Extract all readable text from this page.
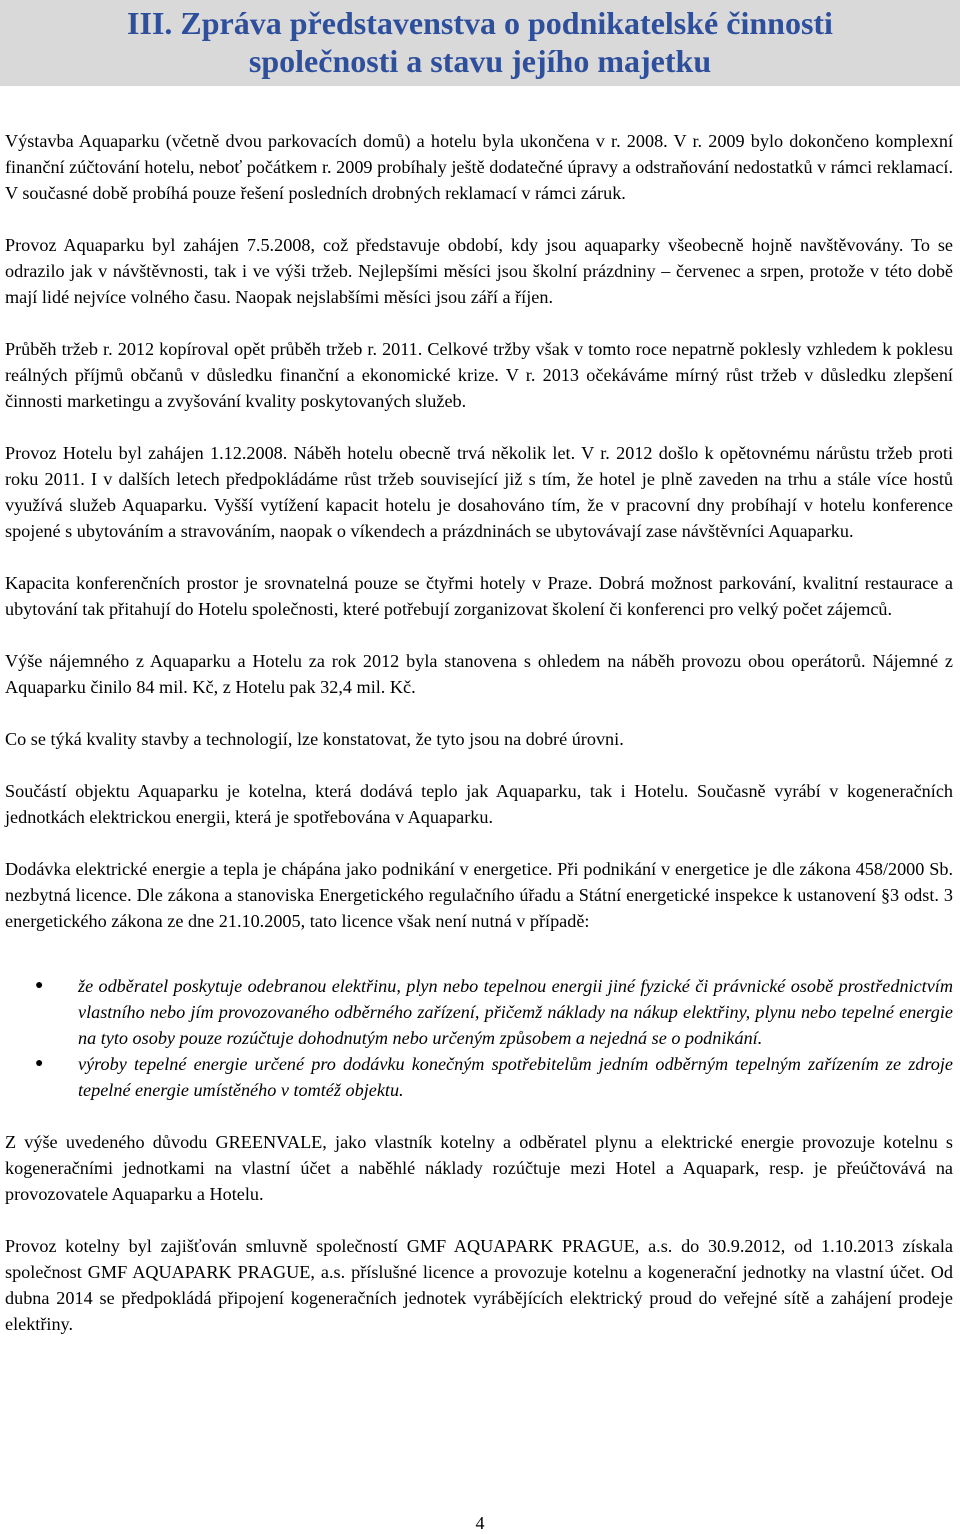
III. Zpráva představenstva o podnikatelské činnosti
společnosti a stavu jejího majetku

Výstavba Aquaparku (včetně dvou parkovacích domů) a hotelu byla ukončena v r. 2008. V r. 2009 bylo dokončeno komplexní finanční zúčtování hotelu, neboť počátkem r. 2009 probíhaly ještě dodatečné úpravy a odstraňování nedostatků v rámci reklamací. V současné době probíhá pouze řešení posledních drobných reklamací v rámci záruk.

Provoz Aquaparku byl zahájen 7.5.2008, což představuje období, kdy jsou aquaparky všeobecně hojně navštěvovány. To se odrazilo jak v návštěvnosti, tak i ve výši tržeb. Nejlepšími měsíci jsou školní prázdniny – červenec a srpen, protože v této době mají lidé nejvíce volného času. Naopak nejslabšími měsíci jsou září a říjen.

Průběh tržeb r. 2012 kopíroval opět průběh tržeb r. 2011. Celkové tržby však v tomto roce nepatrně poklesly vzhledem k poklesu reálných příjmů občanů v důsledku finanční a ekonomické krize. V r. 2013 očekáváme mírný růst tržeb v důsledku zlepšení činnosti marketingu a zvyšování kvality poskytovaných služeb.

Provoz Hotelu byl zahájen 1.12.2008. Náběh hotelu obecně trvá několik let. V r. 2012 došlo k opětovnému nárůstu tržeb proti roku 2011. I v dalších letech předpokládáme růst tržeb související již s tím, že hotel je plně zaveden na trhu a stále více hostů využívá služeb Aquaparku. Vyšší vytížení kapacit hotelu je dosahováno tím, že v pracovní dny probíhají v hotelu konference spojené s ubytováním a stravováním, naopak o víkendech a prázdninách se ubytovávají zase návštěvníci Aquaparku.

Kapacita konferenčních prostor je srovnatelná pouze se čtyřmi hotely v Praze. Dobrá možnost parkování, kvalitní restaurace a ubytování tak přitahují do Hotelu společnosti, které potřebují zorganizovat školení či konferenci pro velký počet zájemců.

Výše nájemného z Aquaparku a Hotelu za rok 2012 byla stanovena s ohledem na náběh provozu obou operátorů. Nájemné z Aquaparku činilo 84 mil. Kč, z Hotelu pak 32,4 mil. Kč.

Co se týká kvality stavby a technologií, lze konstatovat, že tyto jsou na dobré úrovni.

Součástí objektu Aquaparku je kotelna, která dodává teplo jak Aquaparku, tak i Hotelu. Současně vyrábí v kogeneračních jednotkách elektrickou energii, která je spotřebována v Aquaparku.

Dodávka elektrické energie a tepla je chápána jako podnikání v energetice. Při podnikání v energetice je dle zákona 458/2000 Sb. nezbytná licence. Dle zákona a stanoviska Energetického regulačního úřadu a Státní energetické inspekce k ustanovení §3 odst. 3 energetického zákona ze dne 21.10.2005, tato licence však není nutná v případě:

● že odběratel poskytuje odebranou elektřinu, plyn nebo tepelnou energii jiné fyzické či právnické osobě prostřednictvím vlastního nebo jím provozovaného odběrného zařízení, přičemž náklady na nákup elektřiny, plynu nebo tepelné energie na tyto osoby pouze rozúčtuje dohodnutým nebo určeným způsobem a nejedná se o podnikání.
● výroby tepelné energie určené pro dodávku konečným spotřebitelům jedním odběrným tepelným zařízením ze zdroje tepelné energie umístěného v tomtéž objektu.

Z výše uvedeného důvodu GREENVALE, jako vlastník kotelny a odběratel plynu a elektrické energie provozuje kotelnu s kogeneračními jednotkami na vlastní účet a naběhlé náklady rozúčtuje mezi Hotel a Aquapark, resp. je přeúčtovává na provozovatele Aquaparku a Hotelu.

Provoz kotelny byl zajišťován smluvně společností GMF AQUAPARK PRAGUE, a.s. do 30.9.2012, od 1.10.2013 získala společnost GMF AQUAPARK PRAGUE, a.s. příslušné licence a provozuje kotelnu a kogenerační jednotky na vlastní účet. Od dubna 2014 se předpokládá připojení kogeneračních jednotek vyrábějících elektrický proud do veřejné sítě a zahájení prodeje elektřiny.

4
